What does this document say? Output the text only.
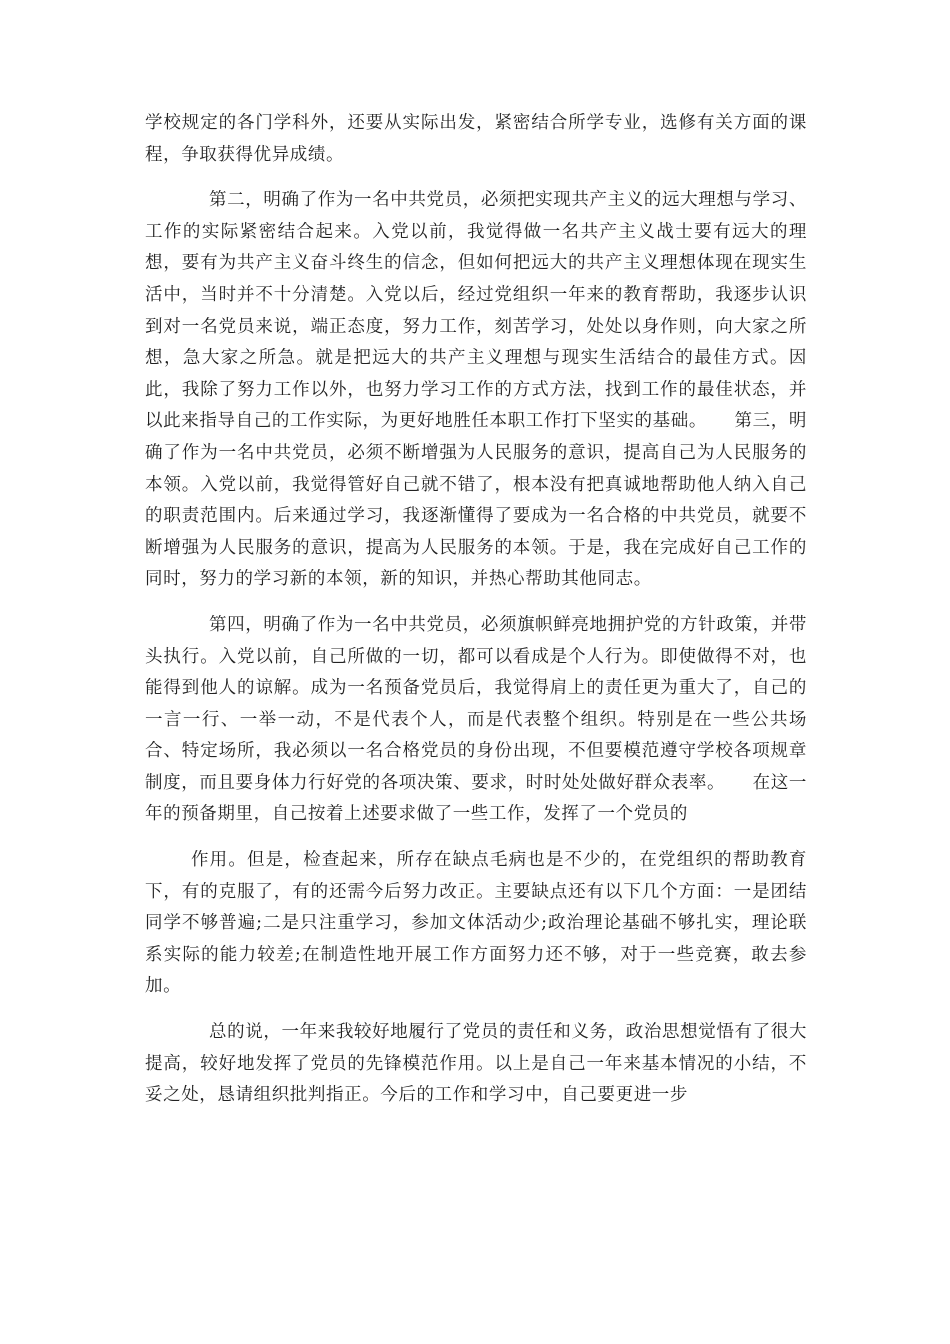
学校规定的各门学科外，还要从实际出发，紧密结合所学专业，选修有关方面的课程，争取获得优异成绩。

第二，明确了作为一名中共党员，必须把实现共产主义的远大理想与学习、工作的实际紧密结合起来。入党以前，我觉得做一名共产主义战士要有远大的理想，要有为共产主义奋斗终生的信念，但如何把远大的共产主义理想体现在现实生活中，当时并不十分清楚。入党以后，经过党组织一年来的教育帮助，我逐步认识到对一名党员来说，端正态度，努力工作，刻苦学习，处处以身作则，向大家之所想，急大家之所急。就是把远大的共产主义理想与现实生活结合的最佳方式。因此，我除了努力工作以外，也努力学习工作的方式方法，找到工作的最佳状态，并以此来指导自己的工作实际，为更好地胜任本职工作打下坚实的基础。　　第三，明确了作为一名中共党员，必须不断增强为人民服务的意识，提高自己为人民服务的本领。入党以前，我觉得管好自己就不错了，根本没有把真诚地帮助他人纳入自己的职责范围内。后来通过学习，我逐渐懂得了要成为一名合格的中共党员，就要不断增强为人民服务的意识，提高为人民服务的本领。于是，我在完成好自己工作的同时，努力的学习新的本领，新的知识，并热心帮助其他同志。

第四，明确了作为一名中共党员，必须旗帜鲜亮地拥护党的方针政策，并带头执行。入党以前，自己所做的一切，都可以看成是个人行为。即使做得不对，也能得到他人的谅解。成为一名预备党员后，我觉得肩上的责任更为重大了，自己的一言一行、一举一动，不是代表个人，而是代表整个组织。特别是在一些公共场合、特定场所，我必须以一名合格党员的身份出现，不但要模范遵守学校各项规章制度，而且要身体力行好党的各项决策、要求，时时处处做好群众表率。　　在这一年的预备期里，自己按着上述要求做了一些工作，发挥了一个党员的

作用。但是，检查起来，所存在缺点毛病也是不少的，在党组织的帮助教育下，有的克服了，有的还需今后努力改正。主要缺点还有以下几个方面：一是团结同学不够普遍;二是只注重学习，参加文体活动少;政治理论基础不够扎实，理论联系实际的能力较差;在制造性地开展工作方面努力还不够，对于一些竞赛，敢去参加。

总的说，一年来我较好地履行了党员的责任和义务，政治思想觉悟有了很大提高，较好地发挥了党员的先锋模范作用。以上是自己一年来基本情况的小结，不妥之处，恳请组织批判指正。今后的工作和学习中，自己要更进一步
